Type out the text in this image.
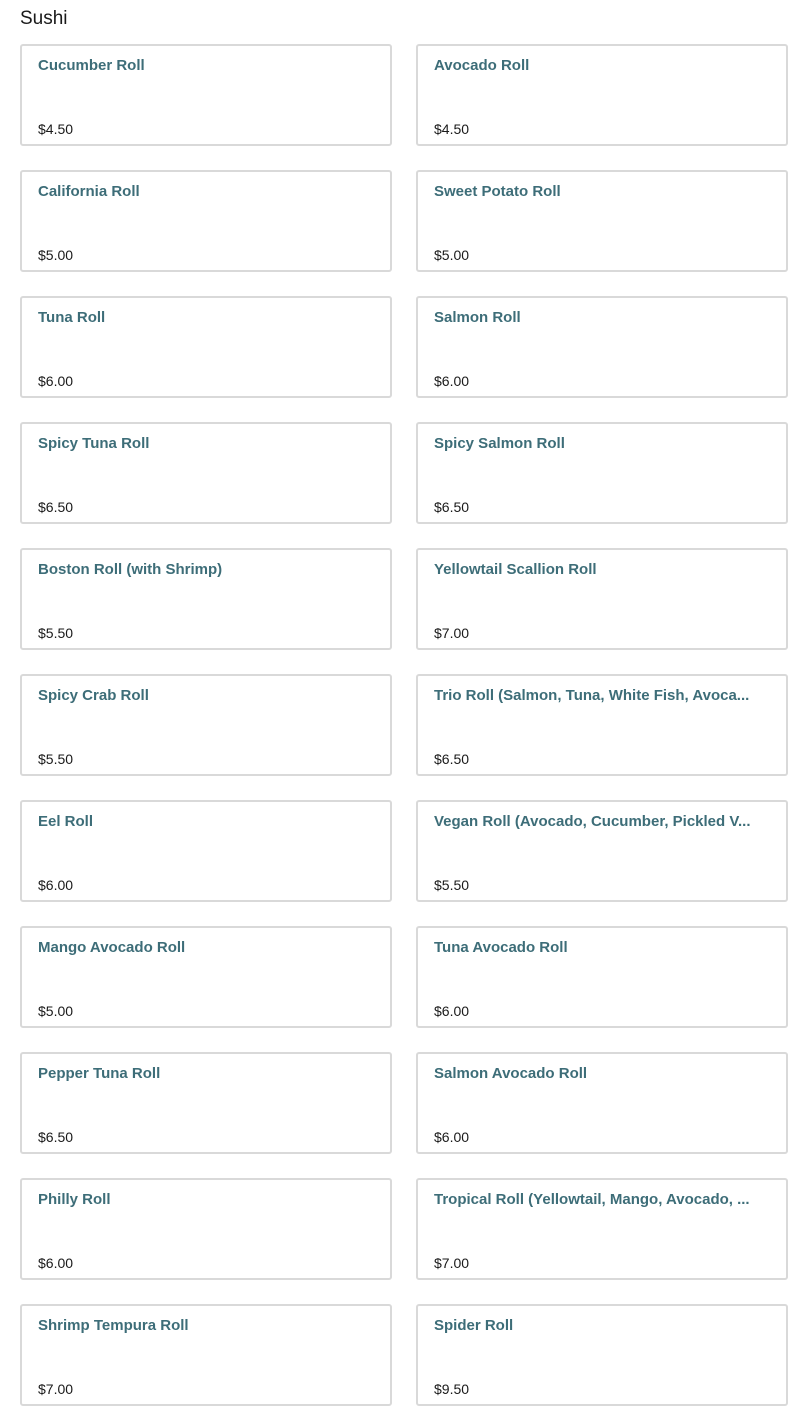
Sushi
Cucumber Roll
$4.50
Avocado Roll
$4.50
California Roll
$5.00
Sweet Potato Roll
$5.00
Tuna Roll
$6.00
Salmon Roll
$6.00
Spicy Tuna Roll
$6.50
Spicy Salmon Roll
$6.50
Boston Roll (with Shrimp)
$5.50
Yellowtail Scallion Roll
$7.00
Spicy Crab Roll
$5.50
Trio Roll (Salmon, Tuna, White Fish, Avoca...
$6.50
Eel Roll
$6.00
Vegan Roll (Avocado, Cucumber, Pickled V...
$5.50
Mango Avocado Roll
$5.00
Tuna Avocado Roll
$6.00
Pepper Tuna Roll
$6.50
Salmon Avocado Roll
$6.00
Philly Roll
$6.00
Tropical Roll (Yellowtail, Mango, Avocado, ...
$7.00
Shrimp Tempura Roll
$7.00
Spider Roll
$9.50
